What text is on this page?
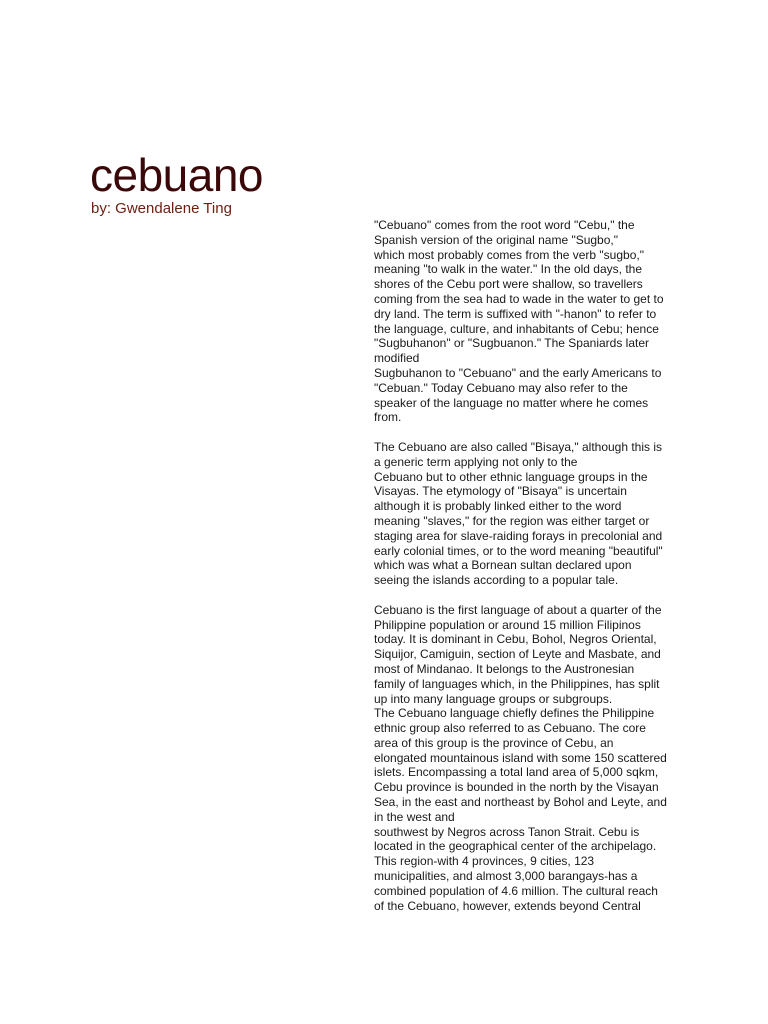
cebuano
by: Gwendalene Ting

"Cebuano" comes from the root word "Cebu," the
Spanish version of the original name "Sugbo,"
which most probably comes from the verb "sugbo,"
meaning "to walk in the water." In the old days, the
shores of the Cebu port were shallow, so travellers
coming from the sea had to wade in the water to get to
dry land. The term is suffixed with "-hanon" to refer to
the language, culture, and inhabitants of Cebu; hence
"Sugbuhanon" or "Sugbuanon." The Spaniards later
modified
Sugbuhanon to "Cebuano" and the early Americans to
"Cebuan." Today Cebuano may also refer to the
speaker of the language no matter where he comes
from.

The Cebuano are also called "Bisaya," although this is
a generic term applying not only to the
Cebuano but to other ethnic language groups in the
Visayas. The etymology of "Bisaya" is uncertain
although it is probably linked either to the word
meaning "slaves," for the region was either target or
staging area for slave-raiding forays in precolonial and
early colonial times, or to the word meaning "beautiful"
which was what a Bornean sultan declared upon
seeing the islands according to a popular tale.

Cebuano is the first language of about a quarter of the
Philippine population or around 15 million Filipinos
today. It is dominant in Cebu, Bohol, Negros Oriental,
Siquijor, Camiguin, section of Leyte and Masbate, and
most of Mindanao. It belongs to the Austronesian
family of languages which, in the Philippines, has split
up into many language groups or subgroups.
The Cebuano language chiefly defines the Philippine
ethnic group also referred to as Cebuano. The core
area of this group is the province of Cebu, an
elongated mountainous island with some 150 scattered
islets. Encompassing a total land area of 5,000 sqkm,
Cebu province is bounded in the north by the Visayan
Sea, in the east and northeast by Bohol and Leyte, and
in the west and
southwest by Negros across Tanon Strait. Cebu is
located in the geographical center of the archipelago.
This region-with 4 provinces, 9 cities, 123
municipalities, and almost 3,000 barangays-has a
combined population of 4.6 million. The cultural reach
of the Cebuano, however, extends beyond Central
